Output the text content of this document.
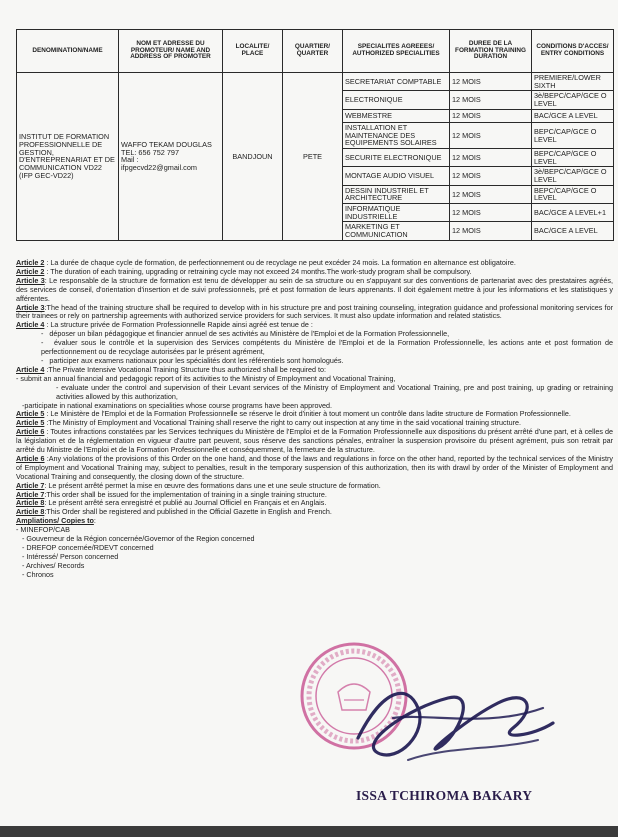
DENOMINATION/NAME	NOM ET ADRESSE DU PROMOTEUR/ NAME AND ADDRESS OF PROMOTER	LOCALITE/ PLACE	QUARTIER/ QUARTER	SPECIALITES AGREEES/ AUTHORIZED SPECIALITIES	DUREE DE LA FORMATION TRAINING DURATION	CONDITIONS D'ACCES/ ENTRY CONDITIONS
INSTITUT DE FORMATION PROFESSIONNELLE DE GESTION, D'ENTREPRENARIAT ET DE COMMUNICATION VD22 (IFP GEC-VD22)	WAFFO TEKAM DOUGLAS
TEL: 656 752 797
Mail :
ifpgecvd22@gmail.com	BANDJOUN	PETE	SECRETARIAT COMPTABLE	12 MOIS	PREMIERE/LOWER SIXTH
				ELECTRONIQUE	12 MOIS	3è/BEPC/CAP/GCE O LEVEL
				WEBMESTRE	12 MOIS	BAC/GCE A LEVEL
				INSTALLATION ET MAINTENANCE DES EQUIPEMENTS SOLAIRES	12 MOIS	BEPC/CAP/GCE O LEVEL
				SECURITE ELECTRONIQUE	12 MOIS	BEPC/CAP/GCE O LEVEL
				MONTAGE AUDIO VISUEL	12 MOIS	3è/BEPC/CAP/GCE O LEVEL
				DESSIN INDUSTRIEL ET ARCHITECTURE	12 MOIS	BEPC/CAP/GCE O LEVEL
				INFORMATIQUE INDUSTRIELLE	12 MOIS	BAC/GCE A LEVEL+1
				MARKETING ET COMMUNICATION	12 MOIS	BAC/GCE A LEVEL

Article 2 : La durée de chaque cycle de formation, de perfectionnement ou de recyclage ne peut excéder 24 mois. La formation en alternance est obligatoire.

Article 2 : The duration of each training, upgrading or retraining cycle may not exceed 24 months.The work-study program shall be compulsory.

Article 3: Le responsable de la structure de formation est tenu de développer au sein de sa structure ou en s'appuyant sur des conventions de partenariat avec des prestataires agréés, des services de conseil, d'orientation d'insertion et de suivi professionnels, pré et post formation de leurs apprenants. Il doit également mettre à jour les informations et les statistiques y afférentes.

Article 3:The head of the training structure shall be required to develop with in his structure pre and post training counseling, integration guidance and professional monitoring services for their trainees or rely on partnership agreements with authorized service providers for such services. It must also update information and related statistics.

Article 4 : La structure privée de Formation Professionnelle Rapide ainsi agréé est tenue de :

-   déposer un bilan pédagogique et financier annuel de ses activités au Ministère de l'Emploi et de la Formation Professionnelle,

-   évaluer sous le contrôle et la supervision des Services compétents du Ministère de l'Emploi et de la Formation Professionnelle, les actions ante et post formation de perfectionnement ou de recyclage autorisées par le présent agrément,

-   participer aux examens nationaux pour les spécialités dont les référentiels sont homologués.

Article 4 :The Private Intensive Vocational Training Structure thus authorized shall be required to:

- submit an annual financial and pedagogic report of its activities to the Ministry of Employment and Vocational Training,

- evaluate under the control and supervision of their Levant services of the Ministry of Employment and Vocational Training, pre and post training, up grading or retraining activities allowed by this authorization,

-participate in national examinations on specialities whose course programs have been approved.

Article 5 : Le Ministère de l'Emploi et de la Formation Professionnelle se réserve le droit d'initier à tout moment un contrôle dans ladite structure de Formation Professionnelle.

Article 5 :The Ministry of Employment and Vocational Training shall reserve the right to carry out inspection at any time in the said vocational training structure.

Article 6 : Toutes infractions constatées par les Services techniques du Ministère de l'Emploi et de la Formation Professionnelle aux dispositions du présent arrêté d'une part, et à celles de la législation et de la réglementation en vigueur d'autre part peuvent, sous réserve des sanctions pénales, entraîner la suspension provisoire du présent agrément, puis son retrait par arrêté du Ministre de l'Emploi et de la Formation Professionnelle et conséquemment, la fermeture de la structure.

Article 6 :Any violations of the provisions of this Order on the one hand, and those of the laws and regulations in force on the other hand, reported by the technical services of the Ministry of Employment and Vocational Training may, subject to penalties, result in the temporary suspension of this authorization, then its with drawl by order of the Minister of Employment and Vocational Training and consequently, the closing down of the structure.

Article 7: Le présent arrêté permet la mise en œuvre des formations dans une et une seule structure de formation.

Article 7:This order shall be issued for the implementation of training in a single training structure.

Article 8: Le présent arrêté sera enregistré et publié au Journal Officiel en Français et en Anglais.

Article 8:This Order shall be registered and published in the Official Gazette in English and French.

Ampliations/ Copies to:

- MINEFOP/CAB

- Gouverneur de la Région concernée/Governor of the Region concerned

- DREFOP concernée/RDEVT concerned

- Intéressé/ Person concerned

- Archives/ Records

- Chronos

ISSA TCHIROMA BAKARY
